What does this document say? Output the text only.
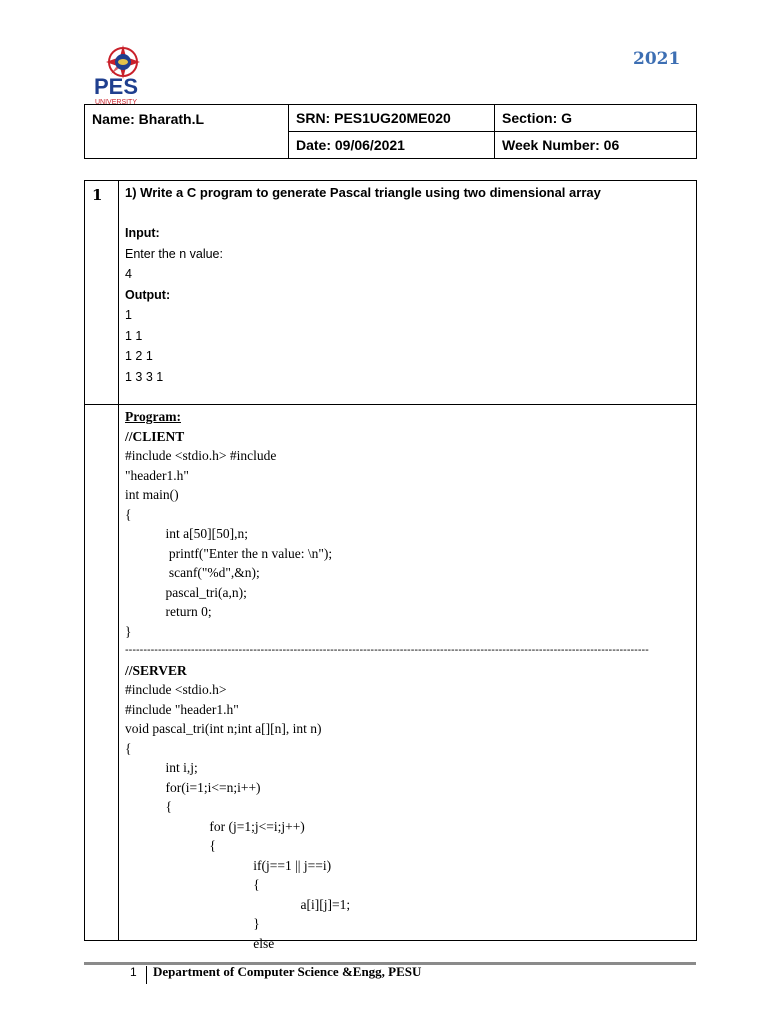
PES
UNIVERSITY
2021
Name: Bharath.L	SRN: PES1UG20ME020	Section: G
	Date: 09/06/2021	Week Number: 06
1 1) Write a C program to generate Pascal triangle using two dimensional array
Input:
Enter the n value:
4
Output:
1
1 1
1 2 1
1 3 3 1
Program:
//CLIENT
#include <stdio.h> #include
"header1.h"
int main()
{
int a[50][50],n;
printf("Enter the n value: \n");
scanf("%d",&n);
pascal_tri(a,n);
return 0;
}
-----------------------------------------------------------------------------------------------------------------------------------------------
//SERVER
#include <stdio.h>
#include "header1.h"
void pascal_tri(int n;int a[][n], int n)
{
int i,j;
for(i=1;i<=n;i++)
{
for (j=1;j<=i;j++)
{
if(j==1 || j==i)
{
a[i][j]=1;
}
else
1 Department of Computer Science &Engg, PESU
